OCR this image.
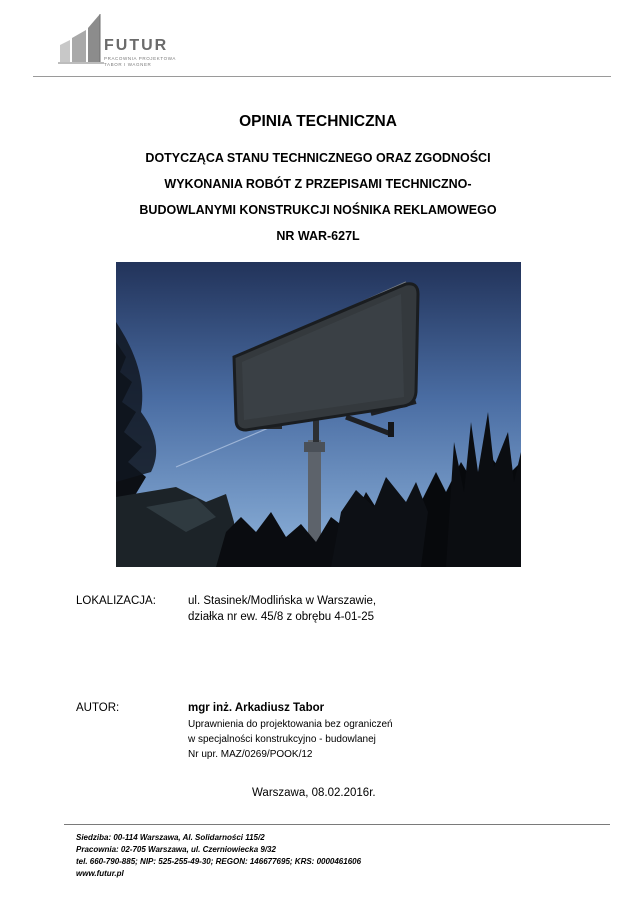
FUTUR
PRACOWNIA PROJEKTOWA
TABOR I WAGNER
OPINIA TECHNICZNA
DOTYCZĄCA STANU TECHNICZNEGO ORAZ ZGODNOŚCI
WYKONANIA ROBÓT Z PRZEPISAMI TECHNICZNO-
BUDOWLANYMI KONSTRUKCJI NOŚNIKA REKLAMOWEGO
NR WAR-627L
LOKALIZACJA:	ul. Stasinek/Modlińska w Warszawie,
działka nr ew. 45/8 z obrębu 4-01-25
AUTOR:	mgr inż. Arkadiusz Tabor
Uprawnienia do projektowania bez ograniczeń
w specjalności konstrukcyjno - budowlanej
Nr upr. MAZ/0269/POOK/12
Warszawa, 08.02.2016r.
Siedziba: 00-114 Warszawa, Al. Solidarności 115/2
Pracownia: 02-705 Warszawa, ul. Czerniowiecka 9/32
tel. 660-790-885; NIP: 525-255-49-30; REGON: 146677695; KRS: 0000461606
www.futur.pl
